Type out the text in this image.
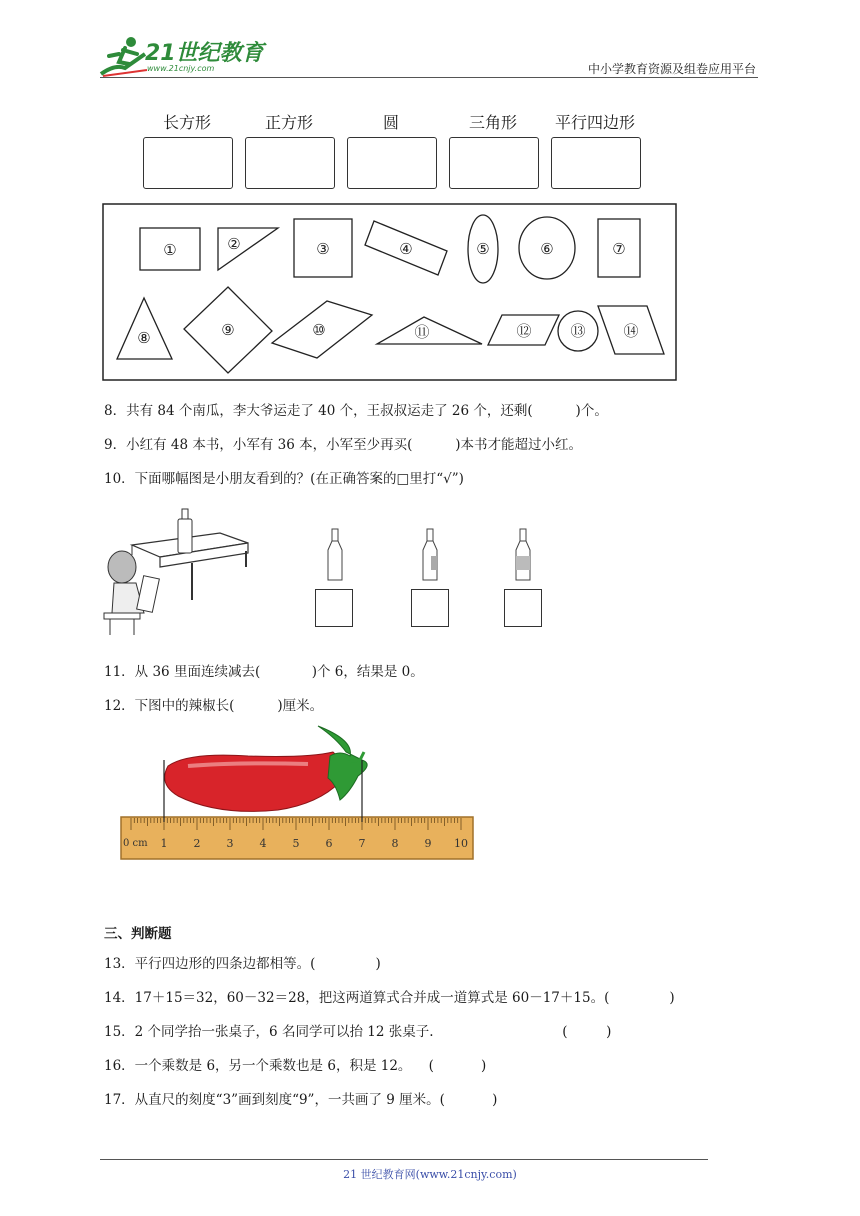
21世纪教育
www.21cnjy.com	中小学教育资源及组卷应用平台
长方形	正方形	圆	三角形	平行四边形
①	②	③	④	⑤	⑥	⑦
⑧	⑨	⑩	⑪	⑫	⑬	⑭
8．共有 84 个南瓜，李大爷运走了 40 个，王叔叔运走了 26 个，还剩(          )个。
9．小红有 48 本书，小军有 36 本，小军至少再买(          )本书才能超过小红。
10．下面哪幅图是小朋友看到的？(在正确答案的□里打“√”)
11．从 36 里面连续减去(            )个 6，结果是 0。
12．下图中的辣椒长(          )厘米。
1 2 3 4 5 6 7 8 9 10
0 cm
三、判断题
13．平行四边形的四条边都相等。(              )
14．17＋15＝32，60－32＝28，把这两道算式合并成一道算式是 60－17＋15。(              )
15．2 个同学抬一张桌子，6 名同学可以抬 12 张桌子.                              (         )
16．一个乘数是 6，另一个乘数也是 6，积是 12。    (           )
17．从直尺的刻度“3”画到刻度“9”，一共画了 9 厘米。(           )
21 世纪教育网(www.21cnjy.com)
